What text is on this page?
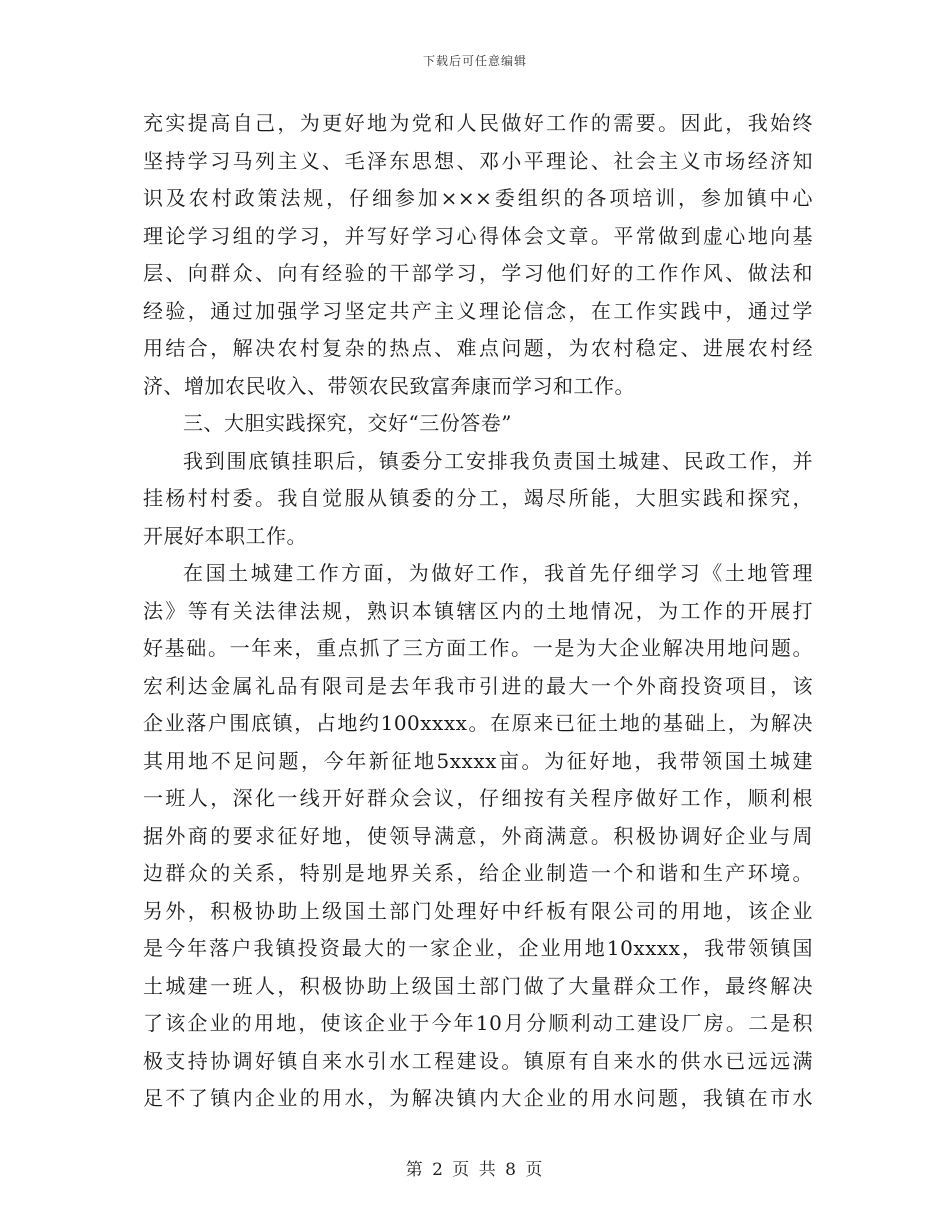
下载后可任意编辑
充实提高自己，为更好地为党和人民做好工作的需要。因此，我始终
坚持学习马列主义、毛泽东思想、邓小平理论、社会主义市场经济知
识及农村政策法规，仔细参加×××委组织的各项培训，参加镇中心
理论学习组的学习，并写好学习心得体会文章。平常做到虚心地向基
层、向群众、向有经验的干部学习，学习他们好的工作作风、做法和
经验，通过加强学习坚定共产主义理论信念，在工作实践中，通过学
用结合，解决农村复杂的热点、难点问题，为农村稳定、进展农村经
济、增加农民收入、带领农民致富奔康而学习和工作。
三、大胆实践探究，交好“三份答卷”
我到围底镇挂职后，镇委分工安排我负责国土城建、民政工作，并
挂杨村村委。我自觉服从镇委的分工，竭尽所能，大胆实践和探究，
开展好本职工作。
在国土城建工作方面，为做好工作，我首先仔细学习《土地管理
法》等有关法律法规，熟识本镇辖区内的土地情况，为工作的开展打
好基础。一年来，重点抓了三方面工作。一是为大企业解决用地问题。
宏利达金属礼品有限司是去年我市引进的最大一个外商投资项目，该
企业落户围底镇，占地约100xxxx。在原来已征土地的基础上，为解决
其用地不足问题，今年新征地5xxxx亩。为征好地，我带领国土城建
一班人，深化一线开好群众会议，仔细按有关程序做好工作，顺利根
据外商的要求征好地，使领导满意，外商满意。积极协调好企业与周
边群众的关系，特别是地界关系，给企业制造一个和谐和生产环境。
另外，积极协助上级国土部门处理好中纤板有限公司的用地，该企业
是今年落户我镇投资最大的一家企业，企业用地10xxxx，我带领镇国
土城建一班人，积极协助上级国土部门做了大量群众工作，最终解决
了该企业的用地，使该企业于今年10月分顺利动工建设厂房。二是积
极支持协调好镇自来水引水工程建设。镇原有自来水的供水已远远满
足不了镇内企业的用水，为解决镇内大企业的用水问题，我镇在市水
第 2 页 共 8 页
